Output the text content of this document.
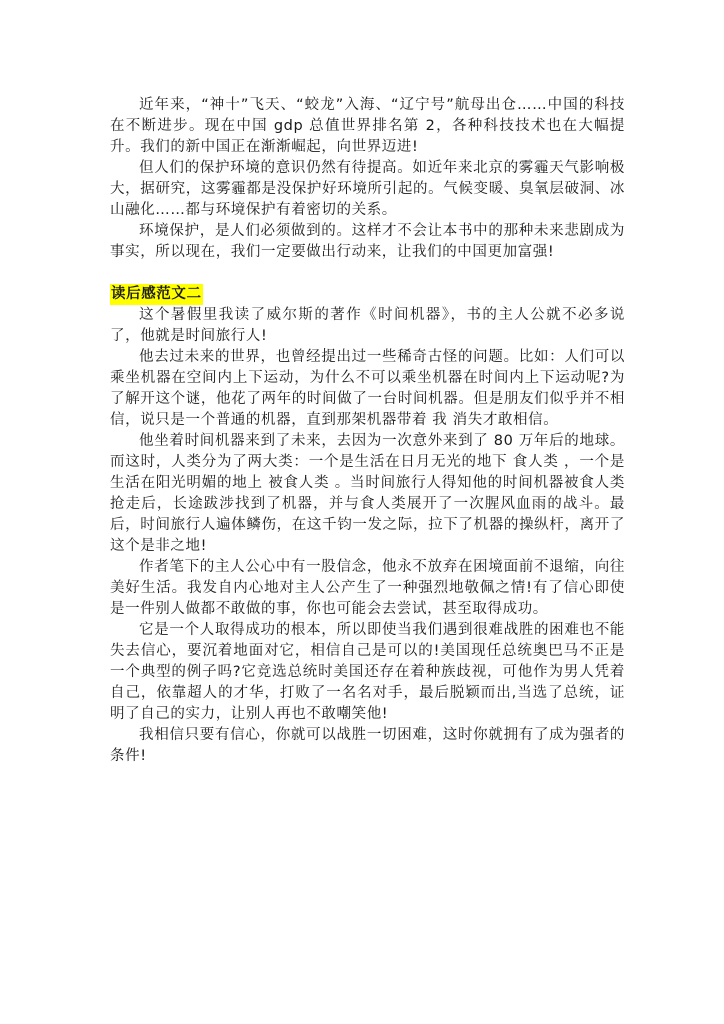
近年来，“神十”飞天、“蛟龙”入海、“辽宁号”航母出仓……中国的科技在不断进步。现在中国 gdp 总值世界排名第 2，各种科技技术也在大幅提升。我们的新中国正在渐渐崛起，向世界迈进!

但人们的保护环境的意识仍然有待提高。如近年来北京的雾霾天气影响极大，据研究，这雾霾都是没保护好环境所引起的。气候变暖、臭氧层破洞、冰山融化……都与环境保护有着密切的关系。

环境保护，是人们必须做到的。这样才不会让本书中的那种未来悲剧成为事实，所以现在，我们一定要做出行动来，让我们的中国更加富强!

读后感范文二

这个暑假里我读了威尔斯的著作《时间机器》，书的主人公就不必多说了，他就是时间旅行人!

他去过未来的世界，也曾经提出过一些稀奇古怪的问题。比如：人们可以乘坐机器在空间内上下运动，为什么不可以乘坐机器在时间内上下运动呢?为了解开这个谜，他花了两年的时间做了一台时间机器。但是朋友们似乎并不相信，说只是一个普通的机器，直到那架机器带着 我 消失才敢相信。

他坐着时间机器来到了未来，去因为一次意外来到了 80 万年后的地球。而这时，人类分为了两大类：一个是生活在日月无光的地下 食人类 ，一个是生活在阳光明媚的地上 被食人类 。当时间旅行人得知他的时间机器被食人类抢走后，长途跋涉找到了机器，并与食人类展开了一次腥风血雨的战斗。最后，时间旅行人遍体鳞伤，在这千钧一发之际，拉下了机器的操纵杆，离开了这个是非之地!

作者笔下的主人公心中有一股信念，他永不放弃在困境面前不退缩，向往美好生活。我发自内心地对主人公产生了一种强烈地敬佩之情!有了信心即使是一件别人做都不敢做的事，你也可能会去尝试，甚至取得成功。

它是一个人取得成功的根本，所以即使当我们遇到很难战胜的困难也不能失去信心，要沉着地面对它，相信自己是可以的!美国现任总统奥巴马不正是一个典型的例子吗?它竞选总统时美国还存在着种族歧视，可他作为男人凭着自己，依靠超人的才华，打败了一名名对手，最后脱颖而出,当选了总统，证明了自己的实力，让别人再也不敢嘲笑他!

我相信只要有信心，你就可以战胜一切困难，这时你就拥有了成为强者的条件!
